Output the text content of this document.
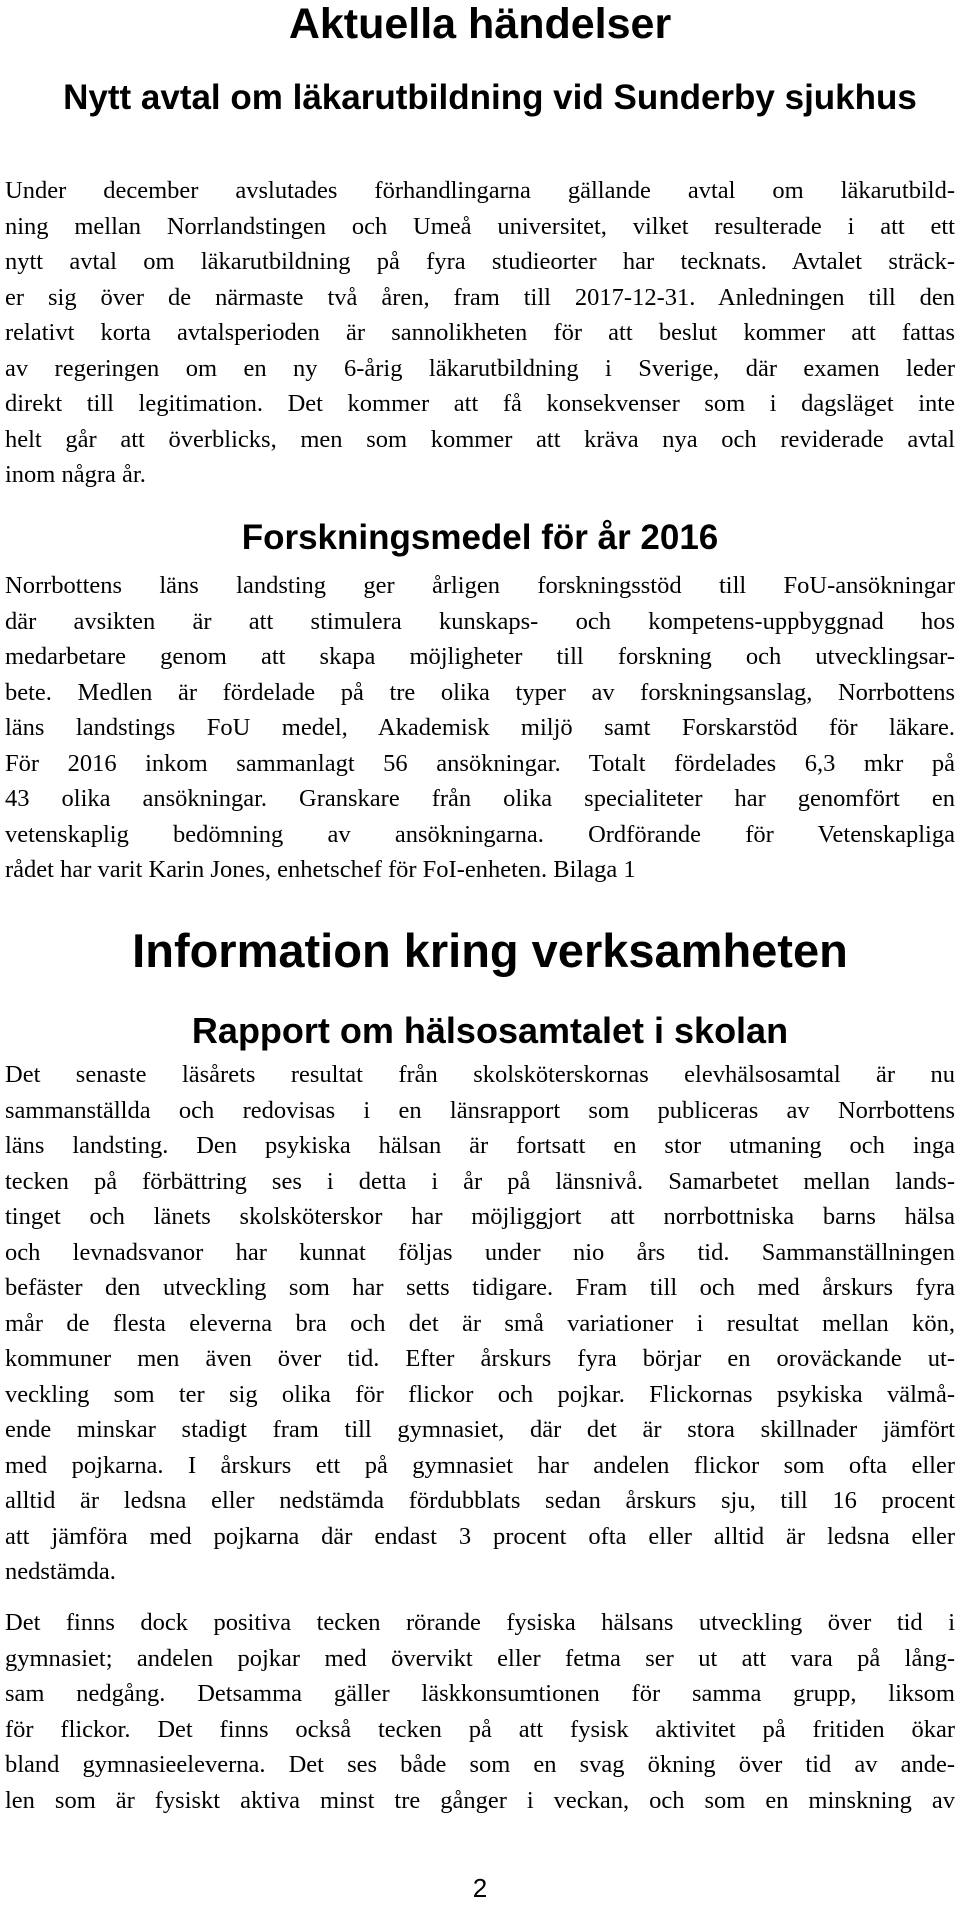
Aktuella händelser
Nytt avtal om läkarutbildning vid Sunderby sjukhus
Under december avslutades förhandlingarna gällande avtal om läkarutbild-
ning mellan Norrlandstingen och Umeå universitet, vilket resulterade i att ett
nytt avtal om läkarutbildning på fyra studieorter har tecknats. Avtalet sträck-
er sig över de närmaste två åren, fram till 2017-12-31. Anledningen till den
relativt korta avtalsperioden är sannolikheten för att beslut kommer att fattas
av regeringen om en ny 6-årig läkarutbildning i Sverige, där examen leder
direkt till legitimation. Det kommer att få konsekvenser som i dagsläget inte
helt går att överblicks, men som kommer att kräva nya och reviderade avtal
inom några år.
Forskningsmedel för år 2016
Norrbottens läns landsting ger årligen forskningsstöd till FoU-ansökningar
där avsikten är att stimulera kunskaps- och kompetens-uppbyggnad hos
medarbetare genom att skapa möjligheter till forskning och utvecklingsar-
bete. Medlen är fördelade på tre olika typer av forskningsanslag, Norrbottens
läns landstings FoU medel, Akademisk miljö samt Forskarstöd för läkare.
För 2016 inkom sammanlagt 56 ansökningar. Totalt fördelades 6,3 mkr på
43 olika ansökningar. Granskare från olika specialiteter har genomfört en
vetenskaplig bedömning av ansökningarna. Ordförande för Vetenskapliga
rådet har varit Karin Jones, enhetschef för FoI-enheten. Bilaga 1
Information kring verksamheten
Rapport om hälsosamtalet i skolan
Det senaste läsårets resultat från skolsköterskornas elevhälsosamtal är nu
sammanställda och redovisas i en länsrapport som publiceras av Norrbottens
läns landsting. Den psykiska hälsan är fortsatt en stor utmaning och inga
tecken på förbättring ses i detta i år på länsnivå. Samarbetet mellan lands-
tinget och länets skolsköterskor har möjliggjort att norrbottniska barns hälsa
och levnadsvanor har kunnat följas under nio års tid. Sammanställningen
befäster den utveckling som har setts tidigare. Fram till och med årskurs fyra
mår de flesta eleverna bra och det är små variationer i resultat mellan kön,
kommuner men även över tid. Efter årskurs fyra börjar en oroväckande ut-
veckling som ter sig olika för flickor och pojkar. Flickornas psykiska välmå-
ende minskar stadigt fram till gymnasiet, där det är stora skillnader jämfört
med pojkarna. I årskurs ett på gymnasiet har andelen flickor som ofta eller
alltid är ledsna eller nedstämda fördubblats sedan årskurs sju, till 16 procent
att jämföra med pojkarna där endast 3 procent ofta eller alltid är ledsna eller
nedstämda.
Det finns dock positiva tecken rörande fysiska hälsans utveckling över tid i
gymnasiet; andelen pojkar med övervikt eller fetma ser ut att vara på lång-
sam nedgång. Detsamma gäller läskkonsumtionen för samma grupp, liksom
för flickor. Det finns också tecken på att fysisk aktivitet på fritiden ökar
bland gymnasieeleverna. Det ses både som en svag ökning över tid av ande-
len som är fysiskt aktiva minst tre gånger i veckan, och som en minskning av
2
